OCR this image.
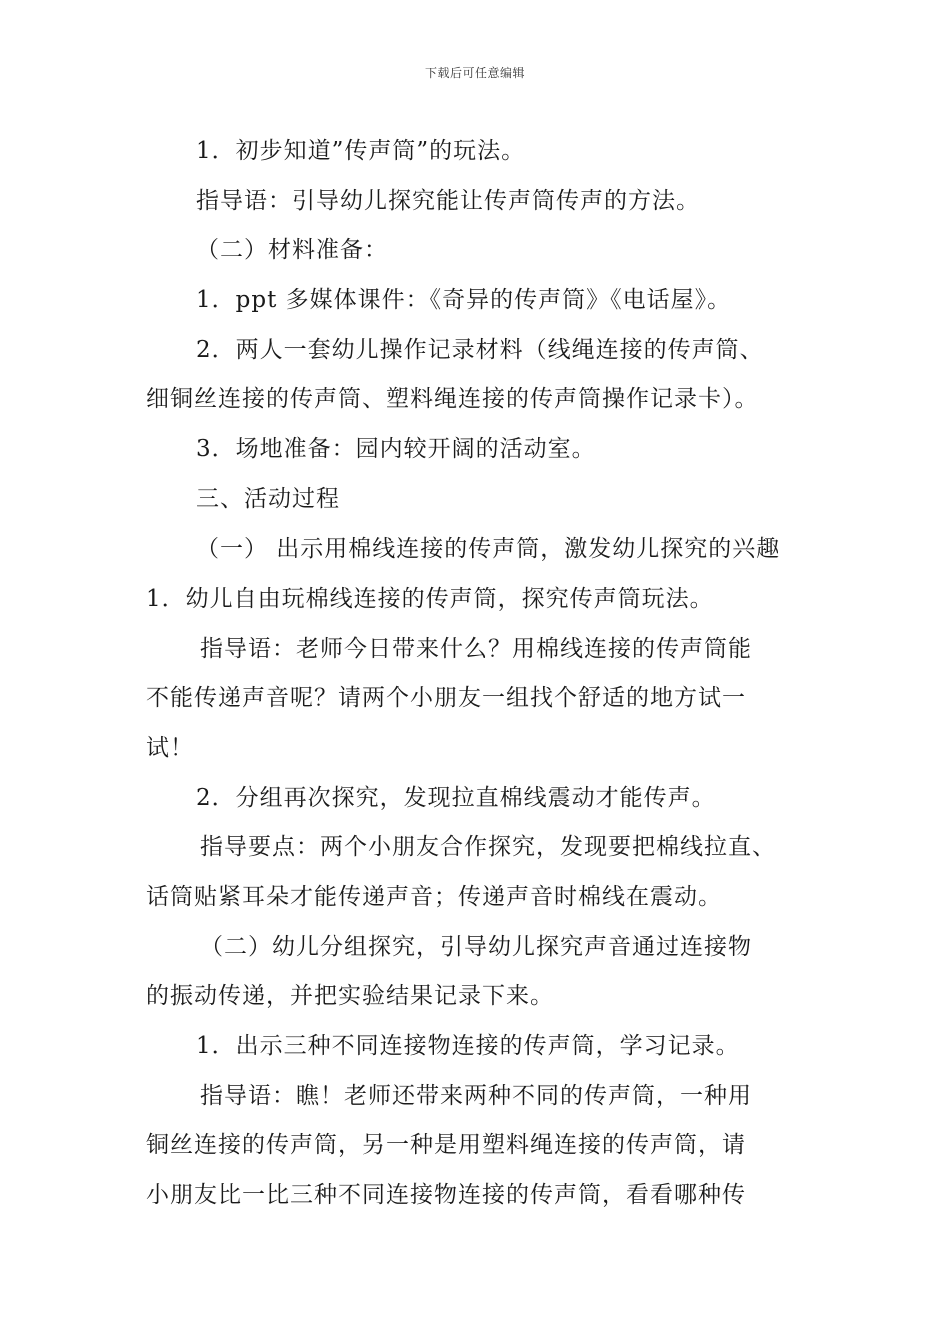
下载后可任意编辑
1．初步知道”传声筒”的玩法。
指导语：引导幼儿探究能让传声筒传声的方法。
（二）材料准备：
1．ppt 多媒体课件：《奇异的传声筒》《电话屋》。
2．两人一套幼儿操作记录材料（线绳连接的传声筒、
细铜丝连接的传声筒、塑料绳连接的传声筒操作记录卡）。
3．场地准备：园内较开阔的活动室。
三、活动过程
（一） 出示用棉线连接的传声筒，激发幼儿探究的兴趣
1．幼儿自由玩棉线连接的传声筒，探究传声筒玩法。
指导语：老师今日带来什么？用棉线连接的传声筒能
不能传递声音呢？请两个小朋友一组找个舒适的地方试一
试！
2．分组再次探究，发现拉直棉线震动才能传声。
指导要点：两个小朋友合作探究，发现要把棉线拉直、
话筒贴紧耳朵才能传递声音；传递声音时棉线在震动。
（二）幼儿分组探究，引导幼儿探究声音通过连接物
的振动传递，并把实验结果记录下来。
1．出示三种不同连接物连接的传声筒，学习记录。
指导语：瞧！老师还带来两种不同的传声筒，一种用
铜丝连接的传声筒，另一种是用塑料绳连接的传声筒，请
小朋友比一比三种不同连接物连接的传声筒，看看哪种传
